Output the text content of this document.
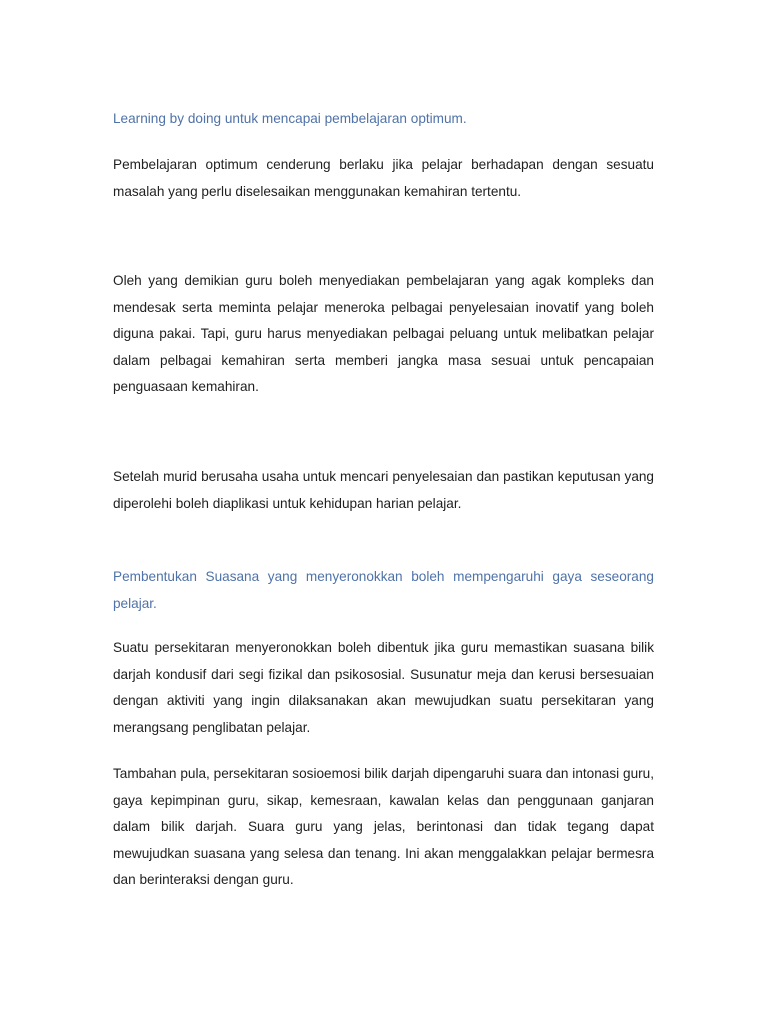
Learning by doing untuk mencapai pembelajaran optimum.

Pembelajaran optimum cenderung berlaku jika pelajar berhadapan dengan sesuatu masalah yang perlu diselesaikan menggunakan kemahiran tertentu.

Oleh yang demikian guru boleh menyediakan pembelajaran yang agak kompleks dan mendesak serta meminta pelajar meneroka pelbagai penyelesaian inovatif yang boleh diguna pakai. Tapi, guru harus menyediakan pelbagai peluang untuk melibatkan pelajar dalam pelbagai kemahiran serta memberi jangka masa sesuai untuk pencapaian penguasaan kemahiran.

Setelah murid berusaha usaha untuk mencari penyelesaian dan pastikan keputusan yang diperolehi boleh diaplikasi untuk kehidupan harian pelajar.

Pembentukan Suasana yang menyeronokkan boleh mempengaruhi gaya seseorang pelajar.

Suatu persekitaran menyeronokkan boleh dibentuk jika guru memastikan suasana bilik darjah kondusif dari segi fizikal dan psikososial. Susunatur meja dan kerusi bersesuaian dengan aktiviti yang ingin dilaksanakan akan mewujudkan suatu persekitaran yang merangsang penglibatan pelajar.

Tambahan pula, persekitaran sosioemosi bilik darjah dipengaruhi suara dan intonasi guru, gaya kepimpinan guru, sikap, kemesraan, kawalan kelas dan penggunaan ganjaran dalam bilik darjah. Suara guru yang jelas, berintonasi dan tidak tegang dapat mewujudkan suasana yang selesa dan tenang. Ini akan menggalakkan pelajar bermesra dan berinteraksi dengan guru.
